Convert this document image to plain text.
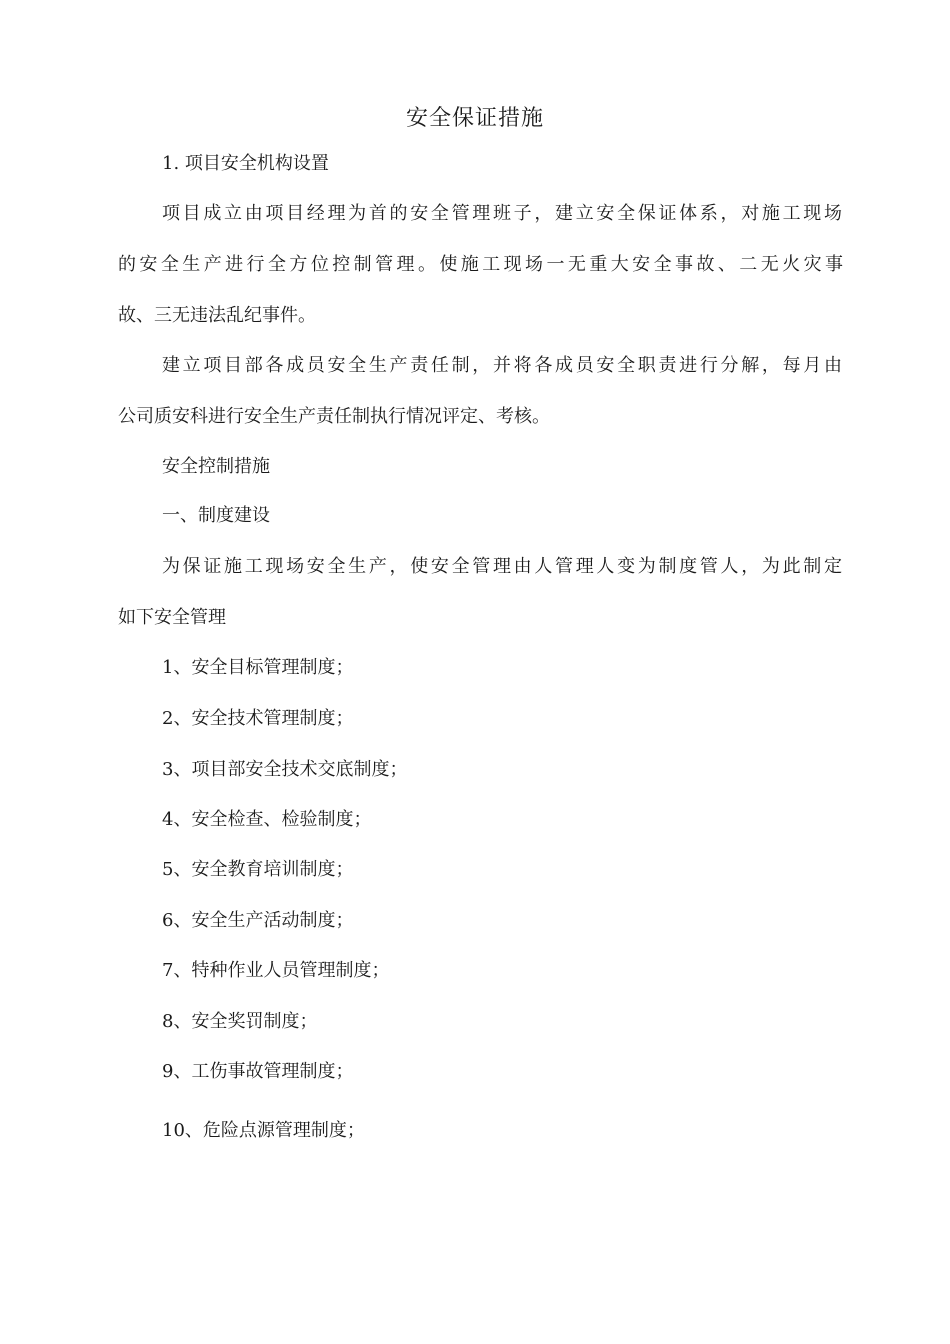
安全保证措施
1. 项目安全机构设置
项目成立由项目经理为首的安全管理班子，建立安全保证体系，对施工现场
的安全生产进行全方位控制管理。使施工现场一无重大安全事故、二无火灾事
故、三无违法乱纪事件。
建立项目部各成员安全生产责任制，并将各成员安全职责进行分解，每月由
公司质安科进行安全生产责任制执行情况评定、考核。
安全控制措施
一、制度建设
为保证施工现场安全生产，使安全管理由人管理人变为制度管人，为此制定
如下安全管理
1、安全目标管理制度；
2、安全技术管理制度；
3、项目部安全技术交底制度；
4、安全检查、检验制度；
5、安全教育培训制度；
6、安全生产活动制度；
7、特种作业人员管理制度；
8、安全奖罚制度；
9、工伤事故管理制度；
10、危险点源管理制度；
